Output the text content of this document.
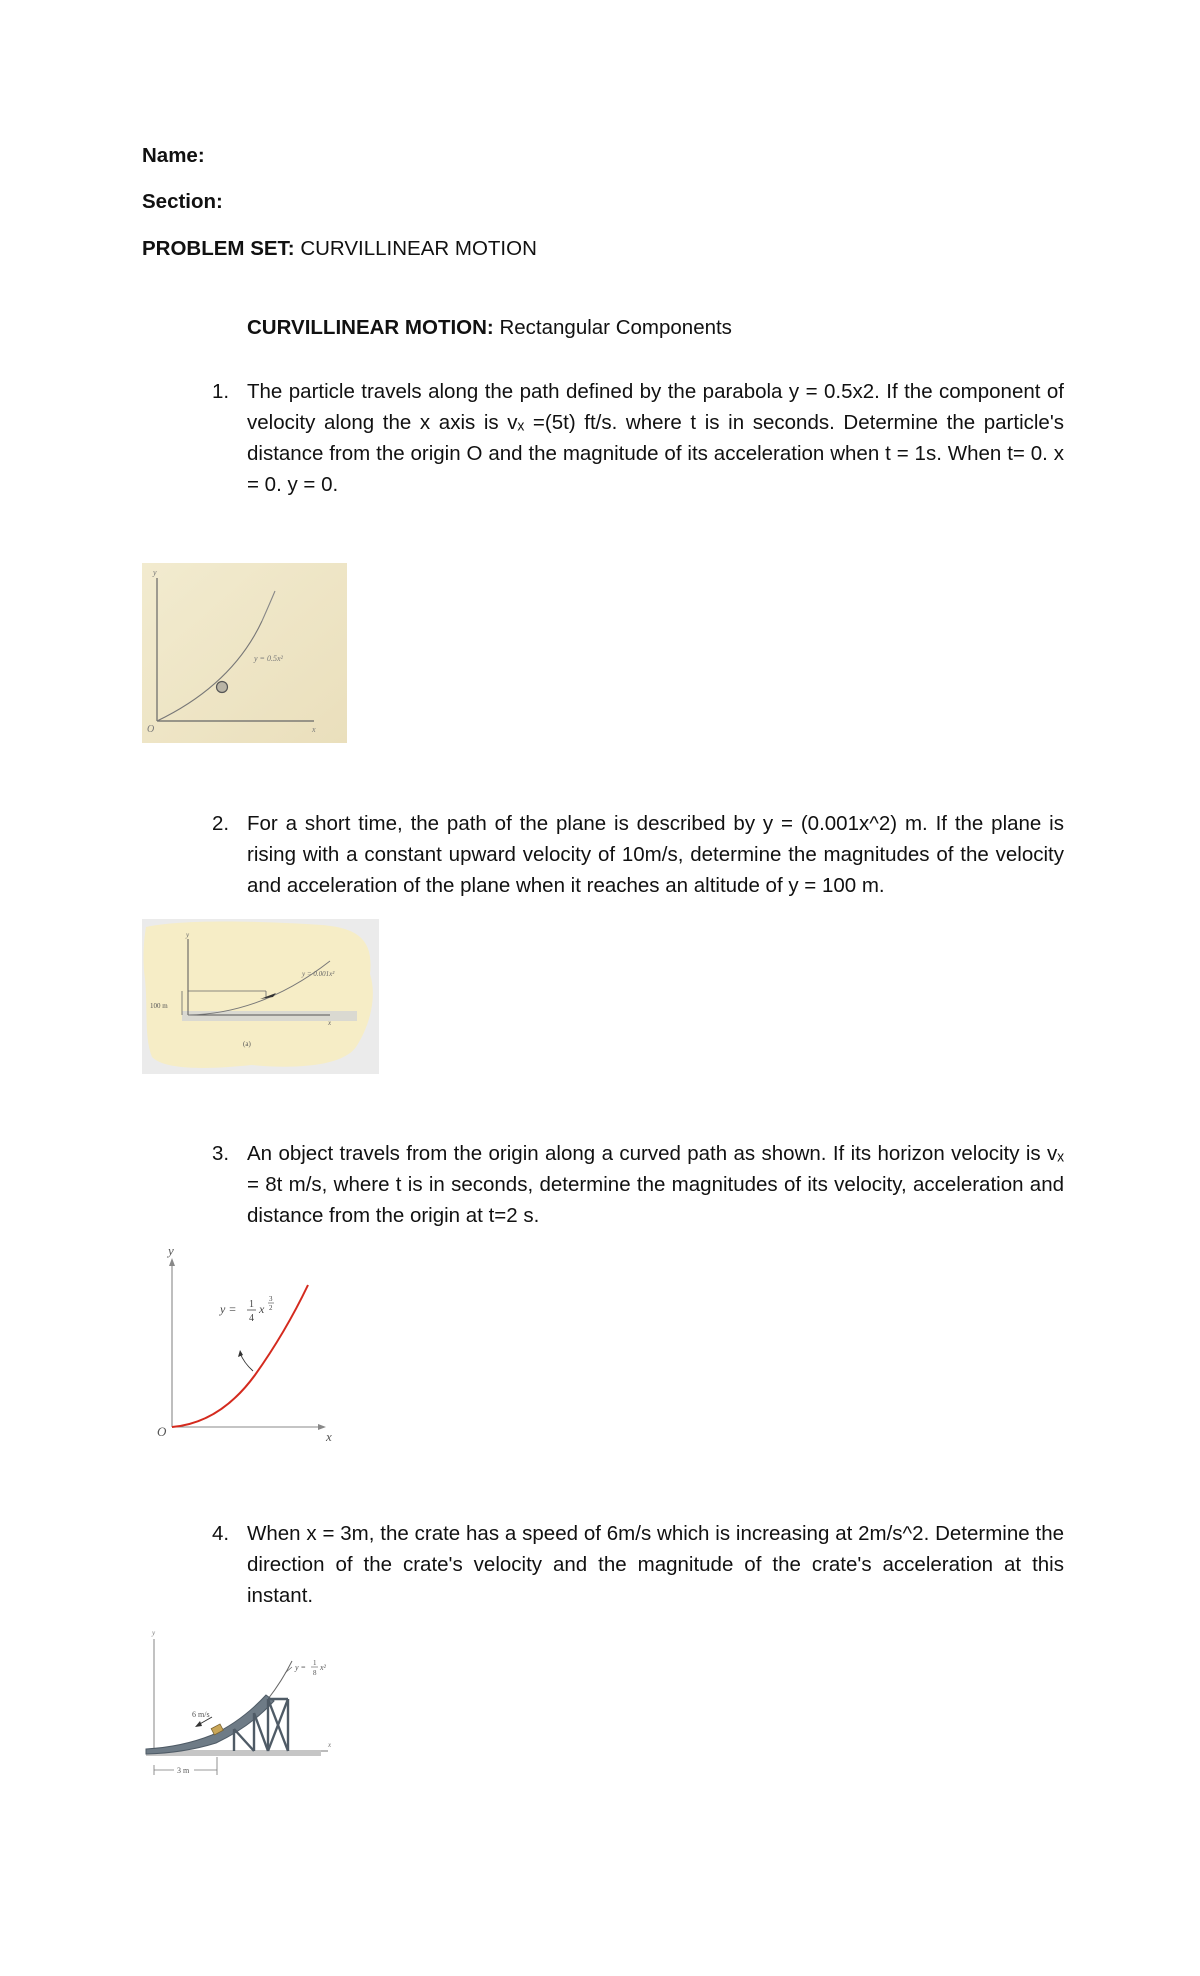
Name:
Section:
PROBLEM SET: CURVILLINEAR MOTION
CURVILLINEAR MOTION: Rectangular Components
1. The particle travels along the path defined by the parabola y = 0.5x2. If the component of velocity along the x axis is vₓ =(5t) ft/s. where t is in seconds. Determine the particle's distance from the origin O and the magnitude of its acceleration when t = 1s. When t= 0. x = 0. y = 0.
y
x
O
y = 0.5x²
2. For a short time, the path of the plane is described by y = (0.001x^2) m. If the plane is rising with a constant upward velocity of 10m/s, determine the magnitudes of the velocity and acceleration of the plane when it reaches an altitude of y = 100 m.
y
x
100 m
y = 0.001x²
(a)
3. An object travels from the origin along a curved path as shown. If its horizon velocity is vₓ = 8t m/s, where t is in seconds, determine the magnitudes of its velocity, acceleration and distance from the origin at t=2 s.
y
x
O
y = 1
4
x
3
2
4. When x = 3m, the crate has a speed of 6m/s which is increasing at 2m/s^2. Determine the direction of the crate's velocity and the magnitude of the crate's acceleration at this instant.
y
x
6 m/s
3 m
y = 1
8
x²
